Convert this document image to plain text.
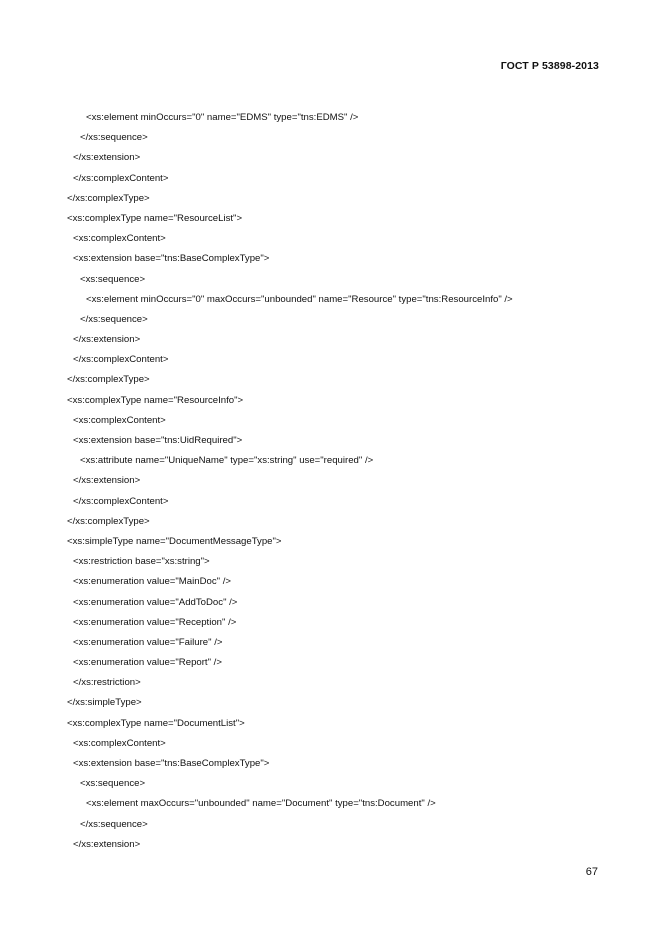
ГОСТ Р 53898-2013
<xs:element minOccurs="0" name="EDMS" type="tns:EDMS" />
</xs:sequence>
</xs:extension>
</xs:complexContent>
</xs:complexType>
<xs:complexType name="ResourceList">
<xs:complexContent>
<xs:extension base="tns:BaseComplexType">
<xs:sequence>
<xs:element minOccurs="0" maxOccurs="unbounded" name="Resource" type="tns:ResourceInfo" />
</xs:sequence>
</xs:extension>
</xs:complexContent>
</xs:complexType>
<xs:complexType name="ResourceInfo">
<xs:complexContent>
<xs:extension base="tns:UidRequired">
<xs:attribute name="UniqueName" type="xs:string" use="required" />
</xs:extension>
</xs:complexContent>
</xs:complexType>
<xs:simpleType name="DocumentMessageType">
<xs:restriction base="xs:string">
<xs:enumeration value="MainDoc" />
<xs:enumeration value="AddToDoc" />
<xs:enumeration value="Reception" />
<xs:enumeration value="Failure" />
<xs:enumeration value="Report" />
</xs:restriction>
</xs:simpleType>
<xs:complexType name="DocumentList">
<xs:complexContent>
<xs:extension base="tns:BaseComplexType">
<xs:sequence>
<xs:element maxOccurs="unbounded" name="Document" type="tns:Document" />
</xs:sequence>
</xs:extension>
67
